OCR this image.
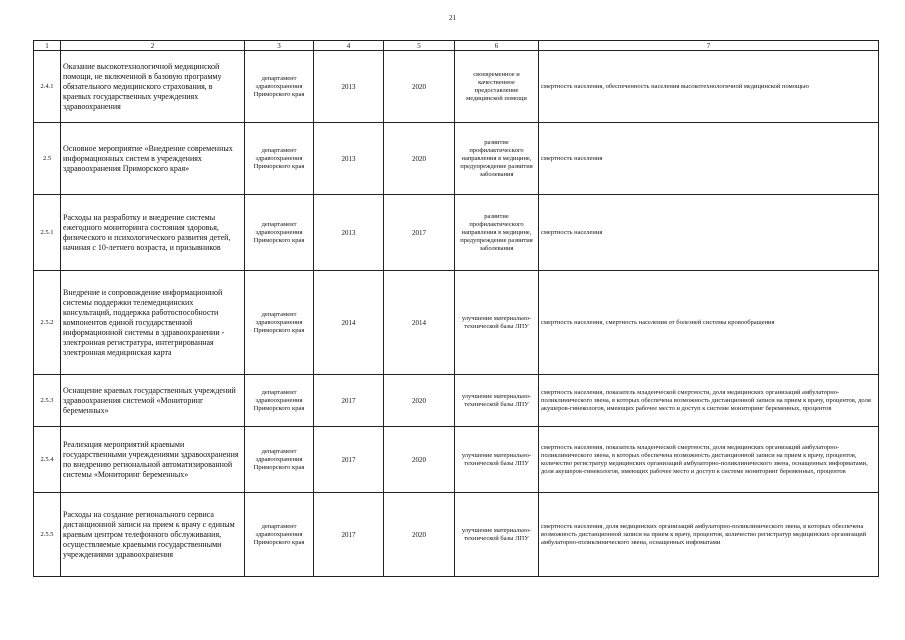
21
1	2	3	4	5	6	7
2.4.1	Оказание высокотехнологичной медицинской помощи, не включенной в базовую программу обязательного медицинского страхования, в краевых государственных учреждениях здравоохранения	департамент здравоохранения Приморского края	2013	2020	своевременное и качественное предоставление медицинской помощи	смертность населения, обеспеченность населения высокотехнологичной медицинской помощью
2.5	Основное мероприятие «Внедрение современных информационных систем в учреждениях здравоохранения Приморского края»	департамент здравоохранения Приморского края	2013	2020	развитие профилактического направления в медицине, предупреждение развития заболевания	смертность населения
2.5.1	Расходы на разработку и внедрение системы ежегодного мониторинга состояния здоровья, физического и психологического развития детей, начиная с 10-летнего возраста, и призывников	департамент здравоохранения Приморского края	2013	2017	развитие профилактического направления в медицине, предупреждение развития заболевания	смертность населения
2.5.2	Внедрение и сопровождение информационной системы поддержки телемедицинских консультаций, поддержка работоспособности компонентов единой государственной информационной системы в здравоохранении - электронная регистратура, интегрированная электронная медицинская карта	департамент здравоохранения Приморского края	2014	2014	улучшение материально-технической базы ЛПУ	смертность населения, смертность населения от болезней системы кровообращения
2.5.3	Оснащение краевых государственных учреждений здравоохранения системой «Мониторинг беременных»	департамент здравоохранения Приморского края	2017	2020	улучшение материально-технической базы ЛПУ	смертность населения, показатель младенческой смертности, доля медицинских организаций амбулаторно-поликлинического звена, в которых обеспечена возможность дистанционной записи на прием к врачу, процентов, доля акушеров-гинекологов, имеющих рабочее место и доступ к системе мониторинг беременных, процентов
2.5.4	Реализация мероприятий краевыми государственными учреждениями здравоохранения по внедрению региональной автоматизированной системы «Мониторинг беременных»	департамент здравоохранения Приморского края	2017	2020	улучшение материально-технической базы ЛПУ	смертность населения, показатель младенческой смертности, доля медицинских организаций амбулаторно-поликлинического звена, в которых обеспечена возможность дистанционной записи на прием к врачу, процентов, количество регистратур медицинских организаций амбулаторно-поликлинического звена, оснащенных информатами, доля акушеров-гинекологов, имеющих рабочее место и доступ к системе мониторинг беременных, процентов
2.5.5	Расходы на создание регионального сервиса дистанционной записи на прием к врачу с единым краевым центром телефонного обслуживания, осуществляемые краевыми государственными учреждениями здравоохранения	департамент здравоохранения Приморского края	2017	2020	улучшение материально-технической базы ЛПУ	смертность населения, доля медицинских организаций амбулаторно-поликлинического звена, в которых обеспечена возможность дистанционной записи на прием к врачу, процентов, количество регистратур медицинских организаций амбулаторно-поликлинического звена, оснащенных инфоматами
